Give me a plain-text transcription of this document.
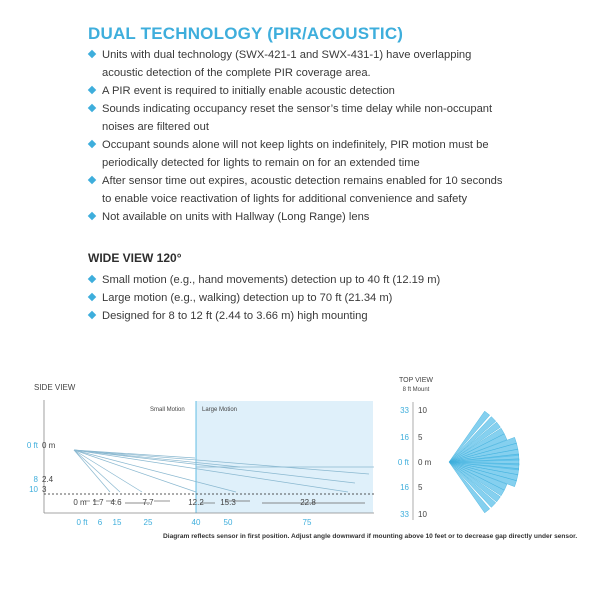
DUAL TECHNOLOGY (PIR/ACOUSTIC)
Units with dual technology (SWX-421-1 and SWX-431-1) have overlapping acoustic detection of the complete PIR coverage area.
A PIR event is required to initially enable acoustic detection
Sounds indicating occupancy reset the sensor’s time delay while non-occupant noises are filtered out
Occupant sounds alone will not keep lights on indefinitely, PIR motion must be periodically detected for lights to remain on for an extended time
After sensor time out expires, acoustic detection remains enabled for 10 seconds to enable voice reactivation of lights for additional convenience and safety
Not available on units with Hallway (Long Range) lens
WIDE VIEW 120°
Small motion (e.g., hand movements) detection up to 40 ft (12.19 m)
Large motion (e.g., walking) detection up to 70 ft (21.34 m)
Designed for 8 to 12 ft (2.44 to 3.66 m) high mounting
SIDE VIEW
Small Motion	Large Motion
0 ft 0 m
8 2.4
10 3
0 m 1.7 4.6	7.7	12.2 15.3	22.8
0 ft 6 15	25	40	50	75
TOP VIEW
8 ft Mount
33 10
16 5
0 ft 0 m
16 5
33 10
Diagram reflects sensor in first position. Adjust angle downward if mounting above 10 feet or to decrease gap directly under sensor.
